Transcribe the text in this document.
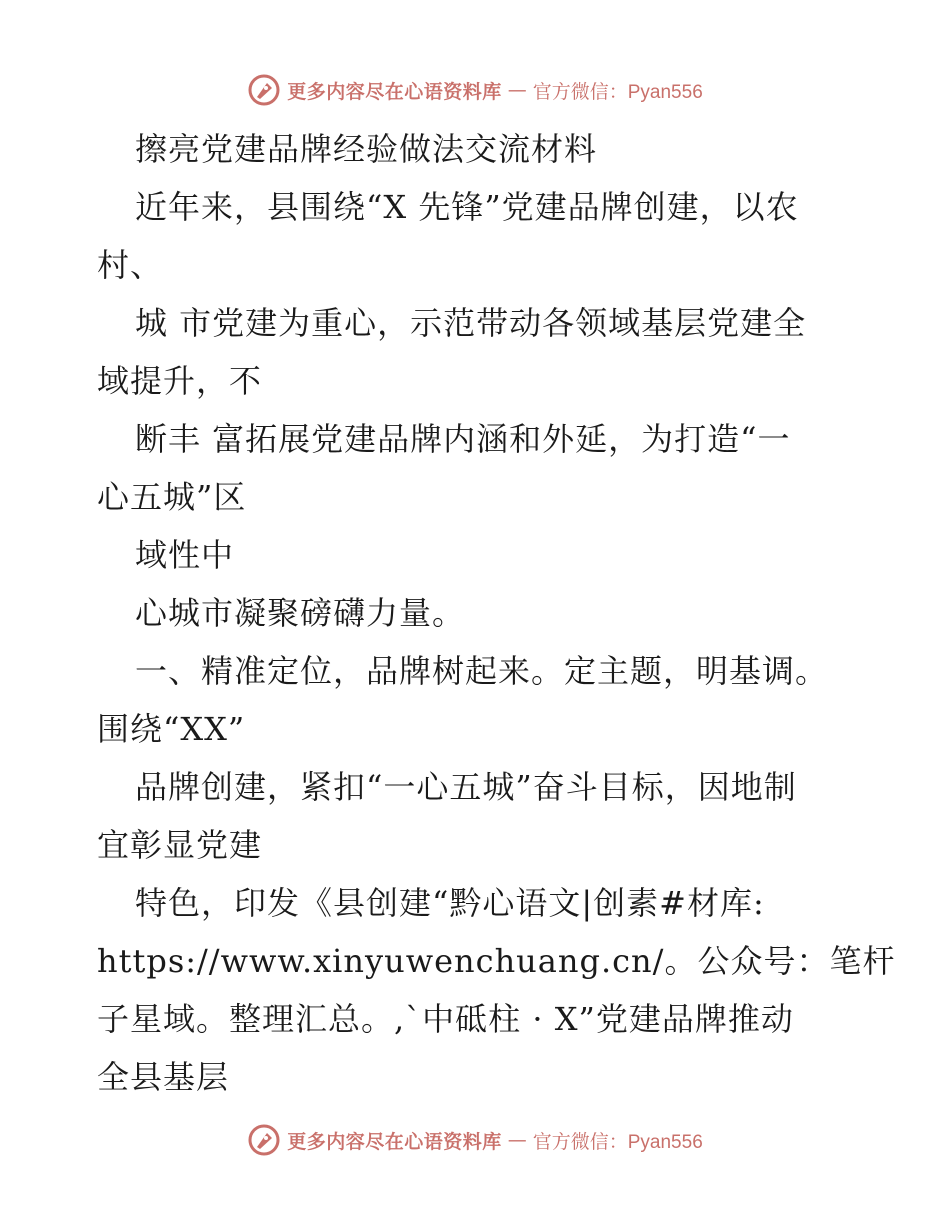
更多内容尽在心语资料库 — 官方微信：Pyan556
擦亮党建品牌经验做法交流材料
近年来，县围绕“X 先锋”党建品牌创建，以农
村、
城 市党建为重心，示范带动各领域基层党建全
域提升，不
断丰 富拓展党建品牌内涵和外延，为打造“一
心五城”区
域性中
心城市凝聚磅礴力量。
一、精准定位，品牌树起来。定主题，明基调。
围绕“XX”
品牌创建，紧扣“一心五城”奋斗目标，因地制
宜彰显党建
特色，印发《县创建“黔心语文|创素#材库:
https://www.xinyuwenchuang.cn/。公众号：笔杆
子星域。整理汇总。,`中砥柱 · X”党建品牌推动
全县基层
更多内容尽在心语资料库 — 官方微信：Pyan556
